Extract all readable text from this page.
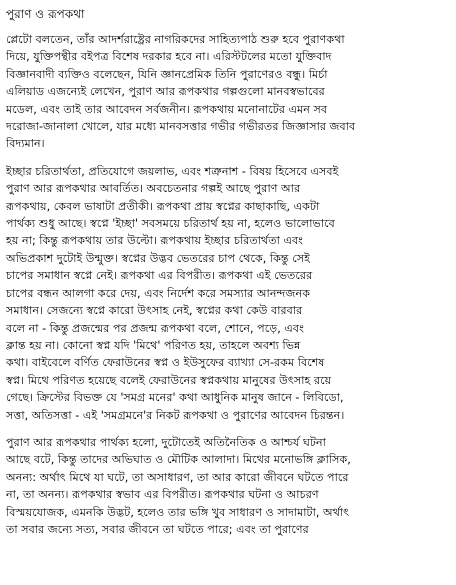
পুরাণ ও রূপকথা

প্লেটো বলতেন, তাঁর আদর্শরাষ্ট্রের নাগরিকদের সাহিত্যপাঠ শুরু হবে পুরাণকথা
দিয়ে, যুক্তিপন্থীর বইপত্র বিশেষ দরকার হবে না। এরিস্টটলের মতো যুক্তিবাদ
বিজ্ঞানবাদী ব্যক্তিও বলেছেন, যিনি জ্ঞানপ্রেমিক তিনি পুরাণেরও বন্ধু। মির্চা
এলিয়াড এজন্যেই লেখেন, পুরাণ আর রূপকথার গল্পগুলো মানবস্বভাবের
মডেল, এবং তাই তার আবেদন সর্বজনীন। রূপকথায় মনোনাটের এমন সব
দরোজা-জানালা খোলে, যার মধ্যে মানবসত্তার গভীর গভীরতর জিজ্ঞাসার জবাব
বিদ্যমান।

ইচ্ছার চরিতার্থতা, প্রতিযোগে জয়লাভ, এবং শত্রুনাশ - বিষয় হিসেবে এসবই
পুরাণ আর রূপকথার আবর্তিত। অবচেতনার গল্পই আছে পুরাণ আর
রূপকথায়, কেবল ভাষাটা প্রতীকী। রূপকথা প্রায় স্বপ্নের কাছাকাছি, একটা
পার্থক্য শুধু আছে। স্বপ্নে 'ইচ্ছা' সবসময়ে চরিতার্থ হয় না, হলেও ভালোভাবে
হয় না; কিন্তু রূপকথায় তার উল্টো। রূপকথায় ইচ্ছার চরিতার্থতা এবং
অভিপ্রকাশ দুটোই উন্মুক্ত। স্বপ্নের উদ্ভব ভেতরের চাপ থেকে, কিন্তু সেই
চাপের সমাধান স্বপ্নে নেই। রূপকথা এর বিপরীত। রূপকথা এই ভেতরের
চাপের বন্ধন আলগা করে দেয়, এবং নির্দেশ করে সমস্যার আনন্দজনক
সমাধান। সেজন্যে স্বপ্নে কারো উৎসাহ নেই, স্বপ্নের কথা কেউ বারবার
বলে না - কিন্তু প্রজন্মের পর প্রজন্ম রূপকথা বলে, শোনে, পড়ে, এবং
ক্লান্ত হয় না। কোনো স্বপ্ন যদি 'মিথে' পরিণত হয়, তাহলে অবশ্য ভিন্ন
কথা। বাইবেলে বর্ণিত ফেরাউনের স্বপ্ন ও ইউসুফের ব্যাখ্যা সে-রকম বিশেষ
স্বপ্ন। মিথে পরিণত হয়েছে বলেই ফেরাউনের স্বপ্নকথায় মানুষের উৎসাহ রয়ে
গেছে। ক্রিস্টের বিভক্ত যে 'সমগ্র মনের' কথা আধুনিক মানুষ জানে - লিবিডো,
সত্তা, অতিসত্তা - এই 'সমগ্রমনে'র নিকট রূপকথা ও পুরাণের আবেদন চিরন্তন।

পুরাণ আর রূপকথার পার্থক্য হলো, দুটোতেই অতিনৈতিক ও আশ্চর্য ঘটনা
আছে বটে, কিন্তু তাদের অভিঘাত ও মৌটিক আলাদা। মিথের মনোভঙ্গি ক্লাসিক,
অনন্য: অর্থাৎ মিথে যা ঘটে, তা অসাধারণ, তা আর কারো জীবনে ঘটতে পারে
না, তা অনন্য। রূপকথার স্বভাব এর বিপরীত। রূপকথার ঘটনা ও আচরণ
বিস্ময়যোজক, এমনকি উদ্ভট, হলেও তার ভঙ্গি খুব সাধারণ ও সাদামাটা, অর্থাৎ
তা সবার জন্যে সত্য, সবার জীবনে তা ঘটতে পারে; এবং তা পুরাণের
